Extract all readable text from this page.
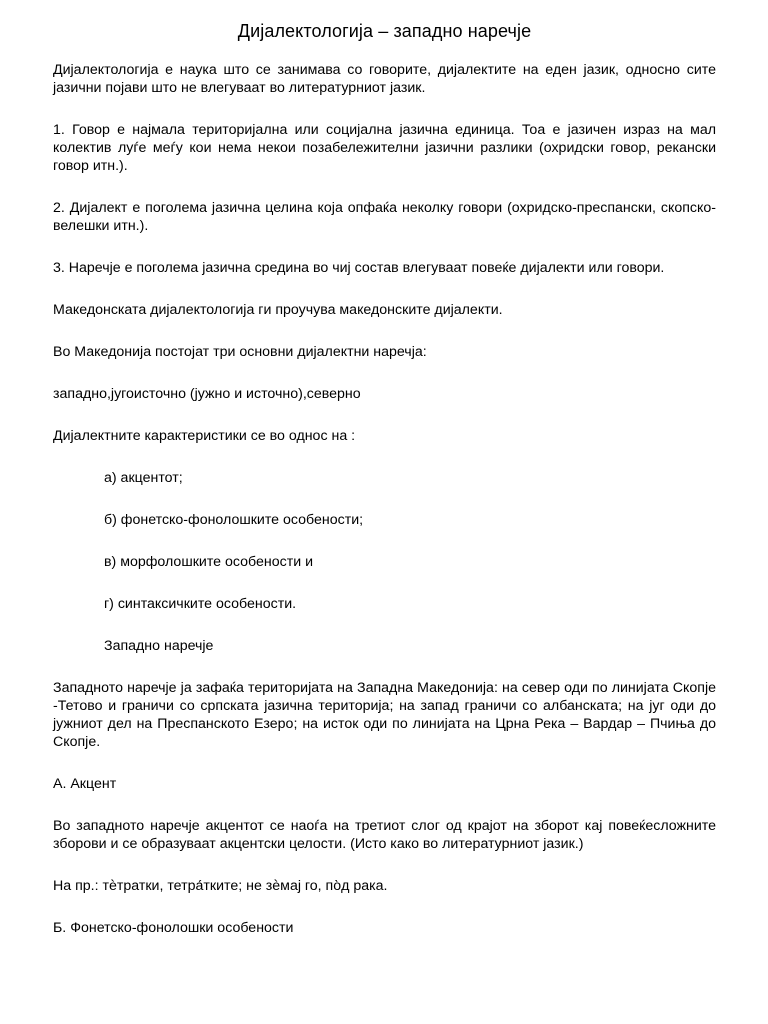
Дијалектологија – западно наречје

Дијалектологија е наука што се занимава со говорите, дијалектите на еден јазик, односно сите јазични појави што не влегуваат во литературниот јазик.

1. Говор е најмала територијална или социјална јазична единица. Тоа е јазичен израз на мал колектив луѓе меѓу кои нема некои позабележителни јазични разлики (охридски говор, рекански говор итн.).

2. Дијалект е поголема јазична целина која опфаќа неколку говори (охридско-преспански, скопско-велешки итн.).

3. Наречје е поголема јазична средина во чиј состав влегуваат повеќе дијалекти или говори.

Македонската дијалектологија ги проучува македонските дијалекти.

Во Македонија постојат три основни дијалектни наречја:

западно,југоисточно (јужно и источно),северно

Дијалектните карактеристики се во однос на :

а) акцентот;

б) фонетско-фонолошките особености;

в) морфолошките особености и

г) синтаксичките особености.

Западно наречје

Западното наречје ја зафаќа територијата на Западна Македонија: на север оди по линијата Скопје -Тетово и граничи со српската јазична територија; на запад граничи со албанската; на југ оди до јужниот дел на Преспанското Езеро; на исток оди по линијата на Црна Река – Вардар – Пчиња до Скопје.

А. Акцент

Во западното наречје акцентот се наоѓа на третиот слог од крајот на зборот кај повеќесложните зборови и се образуваат акцентски целости. (Исто како во литературниот јазик.)

На пр.: тѐтратки, тетра́тките; не зѐмај го, по̀д рака.

Б. Фонетско-фонолошки особености
